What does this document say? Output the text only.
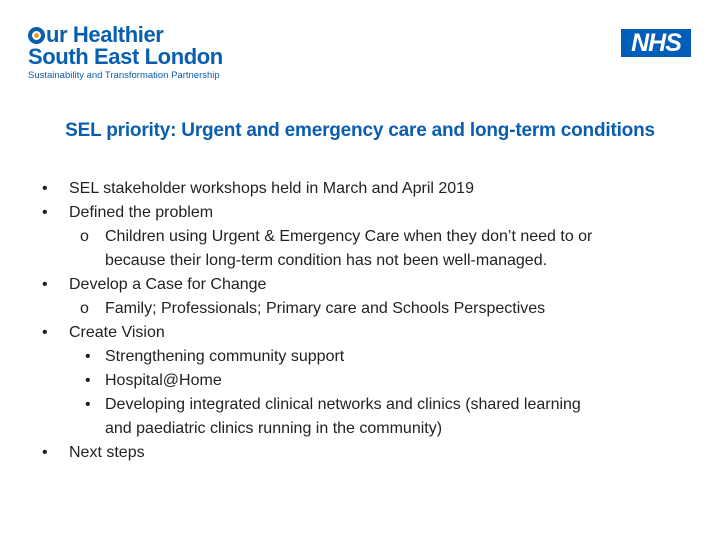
ur Healthier
South East London
Sustainability and Transformation Partnership
NHS
SEL priority: Urgent and emergency care and long-term conditions
• SEL stakeholder workshops held in March and April 2019
• Defined the problem
o Children using Urgent & Emergency Care when they don’t need to or
because their long-term condition has not been well-managed.
• Develop a Case for Change
o Family; Professionals; Primary care and Schools Perspectives
• Create Vision
• Strengthening community support
• Hospital@Home
• Developing integrated clinical networks and clinics (shared learning
and paediatric clinics running in the community)
• Next steps
